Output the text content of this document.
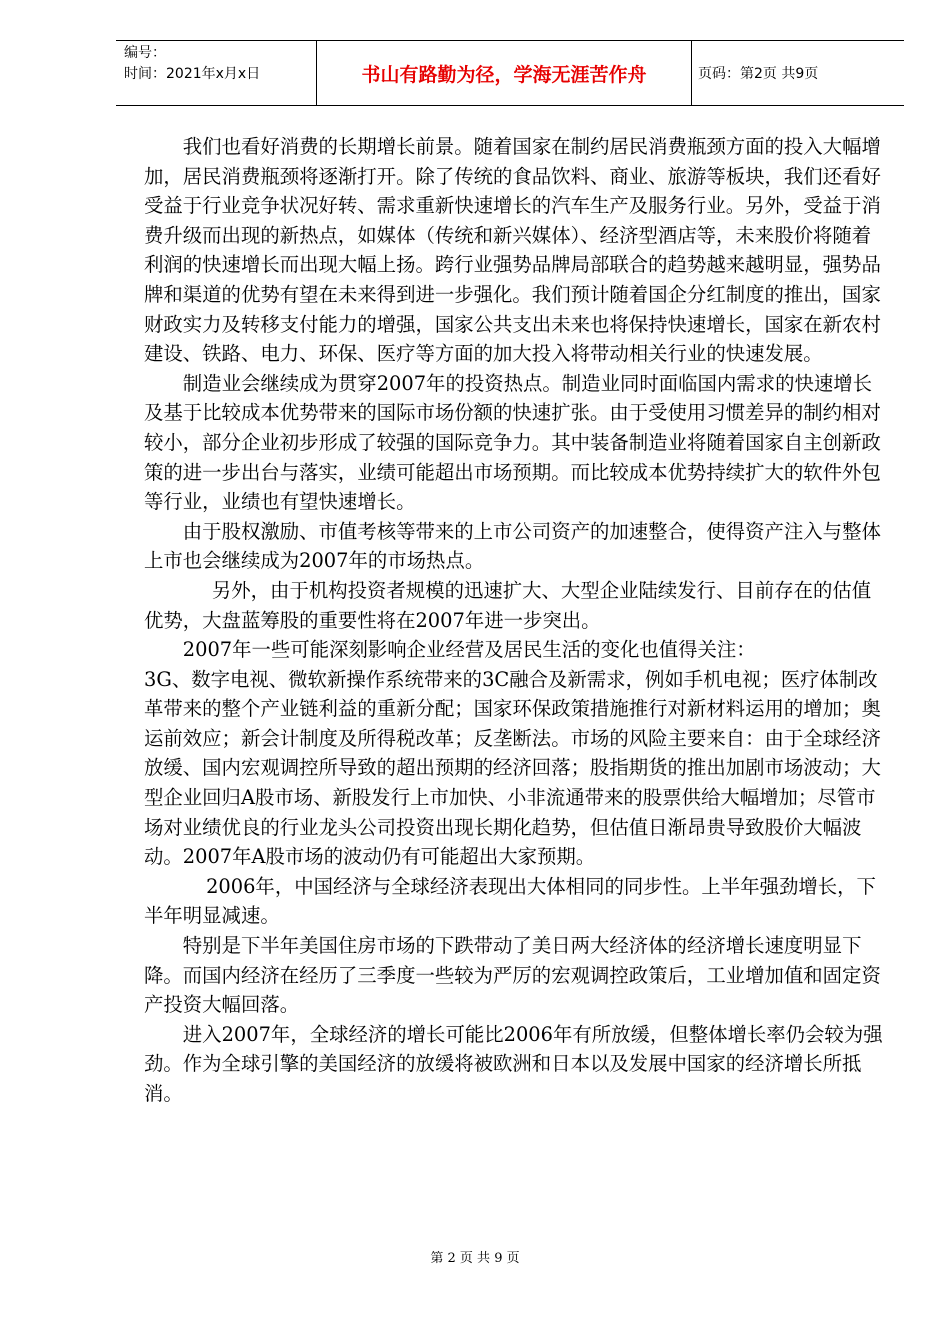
编号：
时间：2021年x月x日	书山有路勤为径，学海无涯苦作舟	页码：第2页 共9页

我们也看好消费的长期增长前景。随着国家在制约居民消费瓶颈方面的投入大幅增加，居民消费瓶颈将逐渐打开。除了传统的食品饮料、商业、旅游等板块，我们还看好受益于行业竞争状况好转、需求重新快速增长的汽车生产及服务行业。另外，受益于消费升级而出现的新热点，如媒体（传统和新兴媒体）、经济型酒店等，未来股价将随着利润的快速增长而出现大幅上扬。跨行业强势品牌局部联合的趋势越来越明显，强势品牌和渠道的优势有望在未来得到进一步强化。我们预计随着国企分红制度的推出，国家财政实力及转移支付能力的增强，国家公共支出未来也将保持快速增长，国家在新农村建设、铁路、电力、环保、医疗等方面的加大投入将带动相关行业的快速发展。

制造业会继续成为贯穿2007年的投资热点。制造业同时面临国内需求的快速增长及基于比较成本优势带来的国际市场份额的快速扩张。由于受使用习惯差异的制约相对较小，部分企业初步形成了较强的国际竞争力。其中装备制造业将随着国家自主创新政策的进一步出台与落实，业绩可能超出市场预期。而比较成本优势持续扩大的软件外包等行业，业绩也有望快速增长。

由于股权激励、市值考核等带来的上市公司资产的加速整合，使得资产注入与整体上市也会继续成为2007年的市场热点。

另外，由于机构投资者规模的迅速扩大、大型企业陆续发行、目前存在的估值优势，大盘蓝筹股的重要性将在2007年进一步突出。

2007年一些可能深刻影响企业经营及居民生活的变化也值得关注：

3G、数字电视、微软新操作系统带来的3C融合及新需求，例如手机电视；医疗体制改革带来的整个产业链利益的重新分配；国家环保政策措施推行对新材料运用的增加；奥运前效应；新会计制度及所得税改革；反垄断法。市场的风险主要来自：由于全球经济放缓、国内宏观调控所导致的超出预期的经济回落；股指期货的推出加剧市场波动；大型企业回归A股市场、新股发行上市加快、小非流通带来的股票供给大幅增加；尽管市场对业绩优良的行业龙头公司投资出现长期化趋势，但估值日渐昂贵导致股价大幅波动。2007年A股市场的波动仍有可能超出大家预期。

2006年，中国经济与全球经济表现出大体相同的同步性。上半年强劲增长，下半年明显减速。

特别是下半年美国住房市场的下跌带动了美日两大经济体的经济增长速度明显下降。而国内经济在经历了三季度一些较为严厉的宏观调控政策后，工业增加值和固定资产投资大幅回落。

进入2007年，全球经济的增长可能比2006年有所放缓，但整体增长率仍会较为强劲。作为全球引擎的美国经济的放缓将被欧洲和日本以及发展中国家的经济增长所抵消。

第 2 页 共 9 页
